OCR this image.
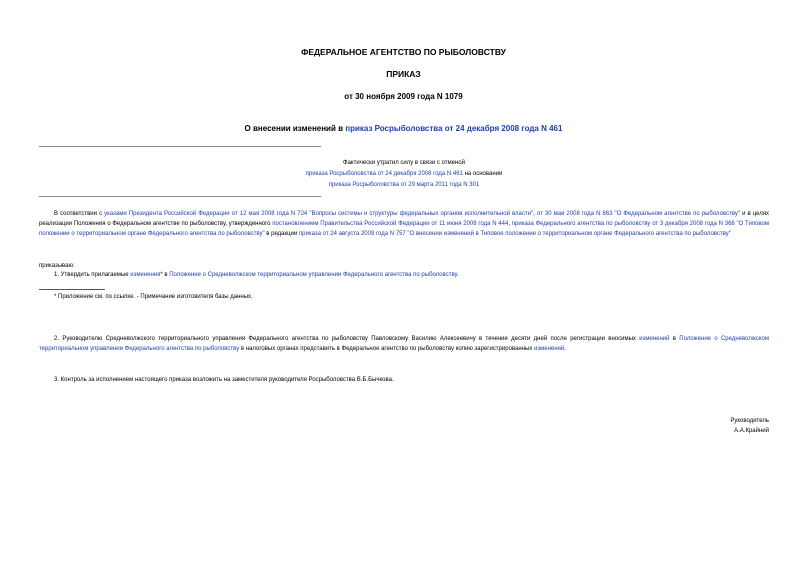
ФЕДЕРАЛЬНОЕ АГЕНТСТВО ПО РЫБОЛОВСТВУ
ПРИКАЗ
от 30 ноября 2009 года N 1079
О внесении изменений в приказ Росрыболовства от 24 декабря 2008 года N 461
Фактически утратил силу в связи с отменой
приказа Росрыболовства от 24 декабря 2008 года N 461 на основании
приказа Росрыболовства от 29 марта 2011 года N 301
В соответствии с указами Президента Российской Федерации от 12 мая 2008 года N 724 "Вопросы системы и структуры федеральных органов исполнительной власти", от 30 мая 2008 года N 863 "О Федеральном агентстве по рыболовству" и в целях реализации Положения о Федеральном агентстве по рыболовству, утвержденного постановлением Правительства Российской Федерации от 11 июня 2008 года N 444, приказа Федерального агентства по рыболовству от 3 декабря 2008 года N 368 "О Типовом положении о территориальном органе Федерального агентства по рыболовству" в редакции приказа от 24 августа 2009 года N 757 "О внесении изменений в Типовое положение о территориальном органе Федерального агентства по рыболовству"
приказываю:
1. Утвердить прилагаемые изменения* в Положение о Средневолжском территориальном управлении Федерального агентства по рыболовству.
* Приложение см. по ссылке. - Примечание изготовителя базы данных.
2. Руководителю Средневолжского территориального управления Федерального агентства по рыболовству Павловскому Василию Алексеевичу в течение десяти дней после регистрации вносимых изменений в Положение о Средневолжском территориальном управлении Федерального агентства по рыболовству в налоговых органах представить в Федеральное агентство по рыболовству копию зарегистрированных изменений.
3. Контроль за исполнением настоящего приказа возложить на заместителя руководителя Росрыболовства В.Б.Бычкова.
Руководитель
А.А.Крайний
